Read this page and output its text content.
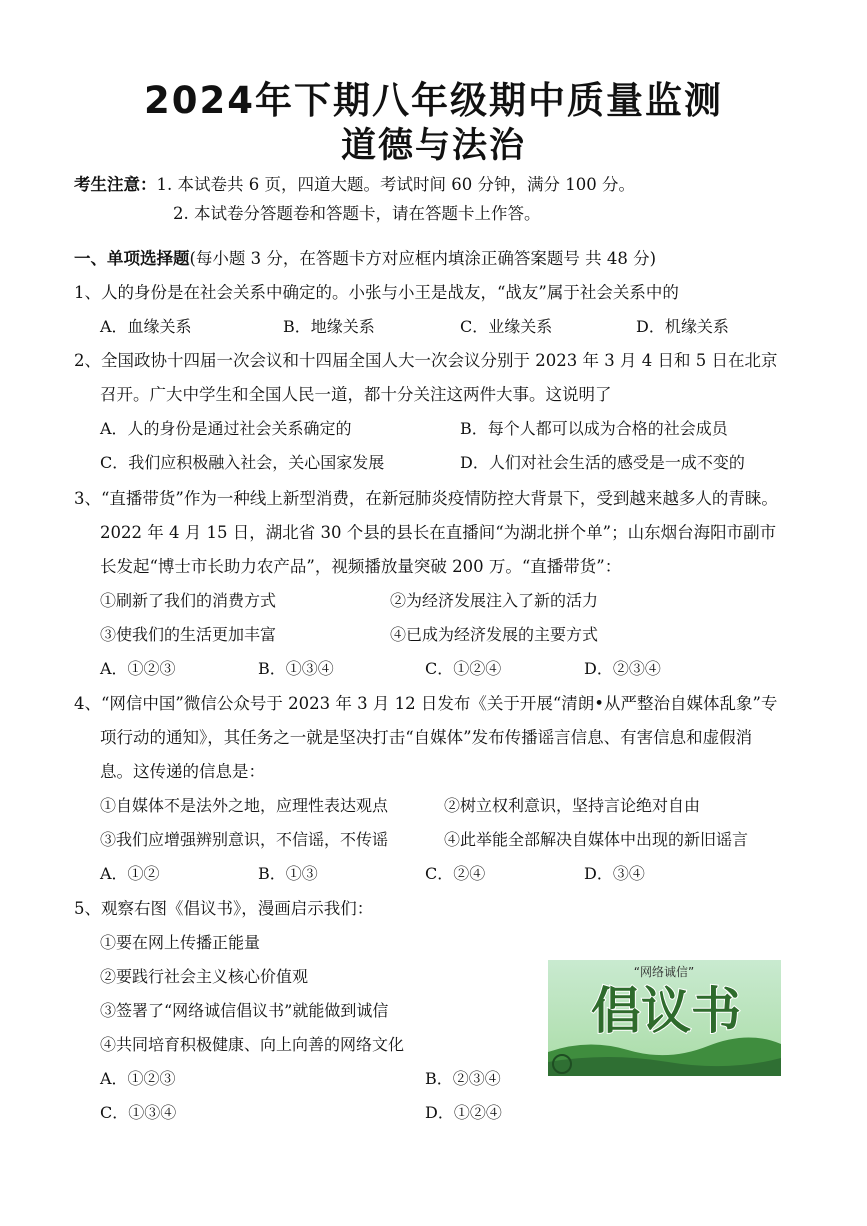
2024年下期八年级期中质量监测
道德与法治
考生注意：1. 本试卷共 6 页，四道大题。考试时间 60 分钟，满分 100 分。
2. 本试卷分答题卷和答题卡，请在答题卡上作答。
一、单项选择题(每小题 3 分，在答题卡方对应框内填涂正确答案题号 共 48 分)
1、人的身份是在社会关系中确定的。小张与小王是战友，“战友”属于社会关系中的
A．血缘关系	B．地缘关系	C．业缘关系	D．机缘关系
2、全国政协十四届一次会议和十四届全国人大一次会议分别于 2023 年 3 月 4 日和 5 日在北京
召开。广大中学生和全国人民一道，都十分关注这两件大事。这说明了
A．人的身份是通过社会关系确定的	B．每个人都可以成为合格的社会成员
C．我们应积极融入社会，关心国家发展	D．人们对社会生活的感受是一成不变的
3、“直播带货”作为一种线上新型消费，在新冠肺炎疫情防控大背景下，受到越来越多人的青睐。
2022 年 4 月 15 日，湖北省 30 个县的县长在直播间“为湖北拼个单”；山东烟台海阳市副市
长发起“博士市长助力农产品”，视频播放量突破 200 万。“直播带货”：
①刷新了我们的消费方式	②为经济发展注入了新的活力
③使我们的生活更加丰富	④已成为经济发展的主要方式
A．①②③	B．①③④	C．①②④	D．②③④
4、“网信中国”微信公众号于 2023 年 3 月 12 日发布《关于开展“清朗•从严整治自媒体乱象”专
项行动的通知》，其任务之一就是坚决打击“自媒体”发布传播谣言信息、有害信息和虚假消
息。这传递的信息是：
①自媒体不是法外之地，应理性表达观点	②树立权利意识，坚持言论绝对自由
③我们应增强辨别意识，不信谣，不传谣	④此举能全部解决自媒体中出现的新旧谣言
A．①②	B．①③	C．②④	D．③④
5、观察右图《倡议书》，漫画启示我们：
①要在网上传播正能量
②要践行社会主义核心价值观
③签署了“网络诚信倡议书”就能做到诚信
④共同培育积极健康、向上向善的网络文化
A．①②③	B．②③④
C．①③④	D．①②④
“网络诚信”
倡议书
